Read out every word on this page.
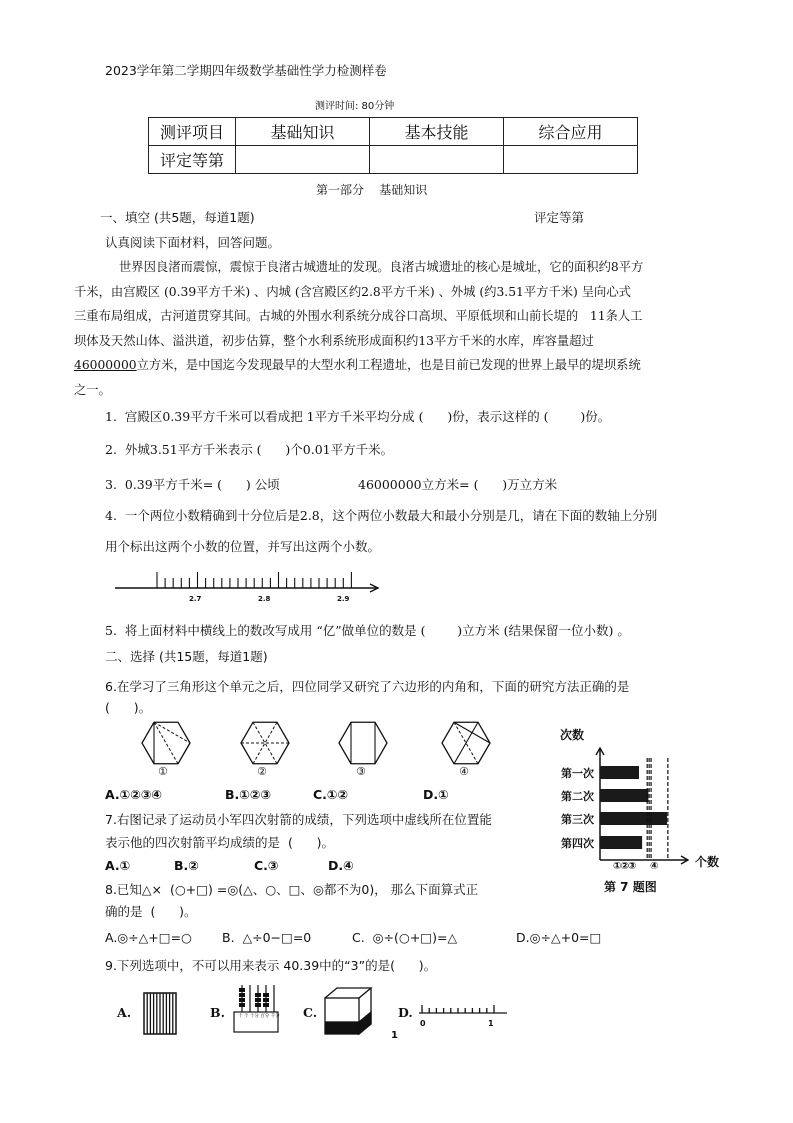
2023学年第二学期四年级数学基础性学力检测样卷
测评时间: 80分钟
测评项目	基础知识	基本技能	综合应用
评定等第			
第一部分    基础知识
一、填空 (共5题，每道1题)	评定等第
认真阅读下面材料，回答问题。
世界因良渚而震惊，震惊于良渚古城遗址的发现。良渚古城遗址的核心是城址，它的面积约8平方
千米，由宫殿区 (0.39平方千米) 、内城 (含宫殿区约2.8平方千米) 、外城 (约3.51平方千米) 呈向心式
三重布局组成，古河道贯穿其间。古城的外围水利系统分成谷口高坝、平原低坝和山前长堤的   11条人工
坝体及天然山体、溢洪道，初步估算，整个水利系统形成面积约13平方千米的水库，库容量超过
46000000立方米，是中国迄今发现最早的大型水利工程遗址，也是目前已发现的世界上最早的堤坝系统
之一。
1.  宫殿区0.39平方千米可以看成把 1平方千米平均分成 (      )份，表示这样的 (        )份。
2.  外城3.51平方千米表示 (      )个0.01平方千米。
3.  0.39平方千米= (      ) 公顷	46000000立方米= (      )万立方米
4.  一个两位小数精确到十分位后是2.8，这个两位小数最大和最小分别是几，请在下面的数轴上分别
用个标出这两个小数的位置，并写出这两个小数。
2.7	2.8	2.9
5.  将上面材料中横线上的数改写成用 “亿”做单位的数是 (        )立方米 (结果保留一位小数) 。
二、选择 (共15题，每道1题)
6.在学习了三角形这个单元之后，四位同学又研究了六边形的内角和，下面的研究方法正确的是
(      )。
①	②	③	④
A.①②③④	B.①②③	C.①②	D.①
7.右图记录了运动员小军四次射箭的成绩，下列选项中虚线所在位置能
表示他的四次射箭平均成绩的是  (      )。
A.①	B.②	C.③	D.④
8.已知△×  (○+□) =◎(△、○、□、◎都不为0)， 那么下面算式正
确的是  (      )。
A.◎÷△+□=○ B.  △÷0−□=0	C.  ◎÷(○+□)=△	D.◎÷△+0=□
9.下列选项中，不可以用来表示 40.39中的“3”的是(      )。
A.	B.	C.	D.
0	1
十 个 十分 百分 千分
第一次
第二次
第三次
第四次
次数
个数
第 7 题图
①②③ ④
1
